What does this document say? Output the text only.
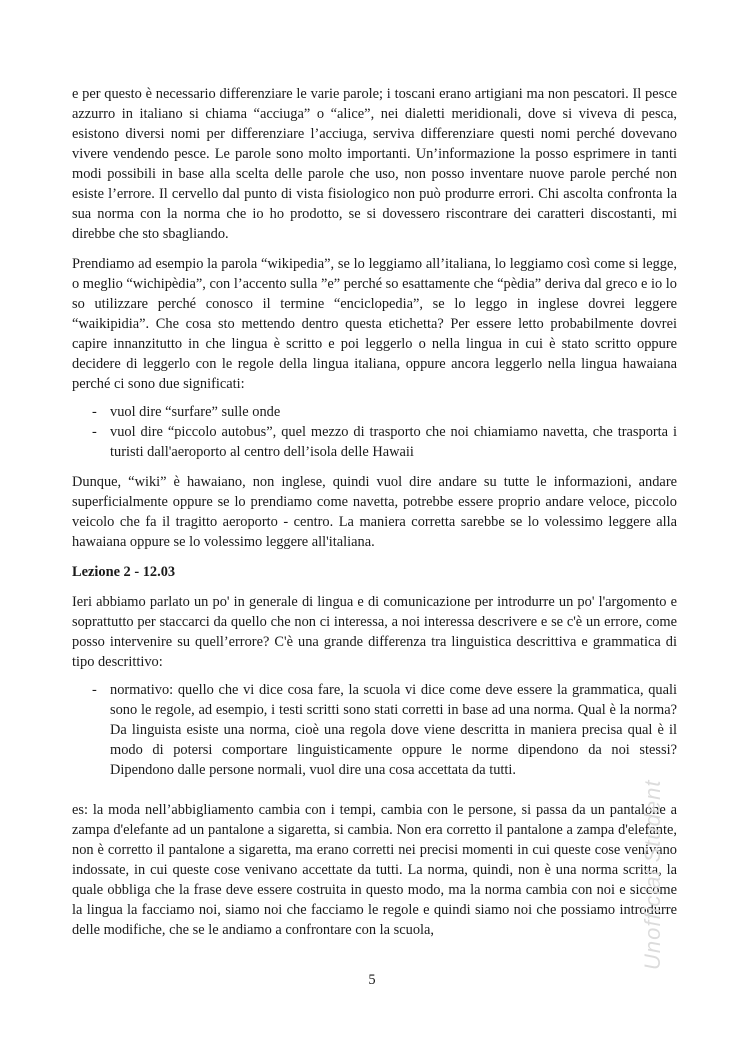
e per questo è necessario differenziare le varie parole; i toscani erano artigiani ma non pescatori. Il pesce azzurro in italiano si chiama “acciuga” o “alice”, nei dialetti meridionali, dove si viveva di pesca, esistono diversi nomi per differenziare l’acciuga, serviva differenziare questi nomi perché dovevano vivere vendendo pesce. Le parole sono molto importanti. Un’informazione la posso esprimere in tanti modi possibili in base alla scelta delle parole che uso, non posso inventare nuove parole perché non esiste l’errore. Il cervello dal punto di vista fisiologico non può produrre errori. Chi ascolta confronta la sua norma con la norma che io ho prodotto, se si dovessero riscontrare dei caratteri discostanti, mi direbbe che sto sbagliando.

Prendiamo ad esempio la parola “wikipedia”, se lo leggiamo all’italiana, lo leggiamo così come si legge, o meglio “wichipèdia”, con l’accento sulla ”e” perché so esattamente che “pèdia” deriva dal greco e io lo so utilizzare perché conosco il termine “enciclopedia”, se lo leggo in inglese dovrei leggere “waikipidia”. Che cosa sto mettendo dentro questa etichetta? Per essere letto probabilmente dovrei capire innanzitutto in che lingua è scritto e poi leggerlo o nella lingua in cui è stato scritto oppure decidere di leggerlo con le regole della lingua italiana, oppure ancora leggerlo nella lingua hawaiana perché ci sono due significati:

- vuol dire “surfare” sulle onde
- vuol dire “piccolo autobus”, quel mezzo di trasporto che noi chiamiamo navetta, che trasporta i turisti dall'aeroporto al centro dell’isola delle Hawaii

Dunque, “wiki” è hawaiano, non inglese, quindi vuol dire andare su tutte le informazioni, andare superficialmente oppure se lo prendiamo come navetta, potrebbe essere proprio andare veloce, piccolo veicolo che fa il tragitto aeroporto - centro. La maniera corretta sarebbe se lo volessimo leggere alla hawaiana oppure se lo volessimo leggere all'italiana.

Lezione 2 - 12.03

Ieri abbiamo parlato un po' in generale di lingua e di comunicazione per introdurre un po' l'argomento e soprattutto per staccarci da quello che non ci interessa, a noi interessa descrivere e se c'è un errore, come posso intervenire su quell’errore? C'è una grande differenza tra linguistica descrittiva e grammatica di tipo descrittivo:

- normativo: quello che vi dice cosa fare, la scuola vi dice come deve essere la grammatica, quali sono le regole, ad esempio, i testi scritti sono stati corretti in base ad una norma. Qual è la norma? Da linguista esiste una norma, cioè una regola dove viene descritta in maniera precisa qual è il modo di potersi comportare linguisticamente oppure le norme dipendono da noi stessi? Dipendono dalle persone normali, vuol dire una cosa accettata da tutti.

es: la moda nell’abbigliamento cambia con i tempi, cambia con le persone, si passa da un pantalone a zampa d'elefante ad un pantalone a sigaretta, si cambia. Non era corretto il pantalone a zampa d'elefante, non è corretto il pantalone a sigaretta, ma erano corretti nei precisi momenti in cui queste cose venivano indossate, in cui queste cose venivano accettate da tutti. La norma, quindi, non è una norma scritta, la quale obbliga che la frase deve essere costruita in questo modo, ma la norma cambia con noi e siccome la lingua la facciamo noi, siamo noi che facciamo le regole e quindi siamo noi che possiamo introdurre delle modifiche, che se le andiamo a confrontare con la scuola,	Unofficial Student
5
